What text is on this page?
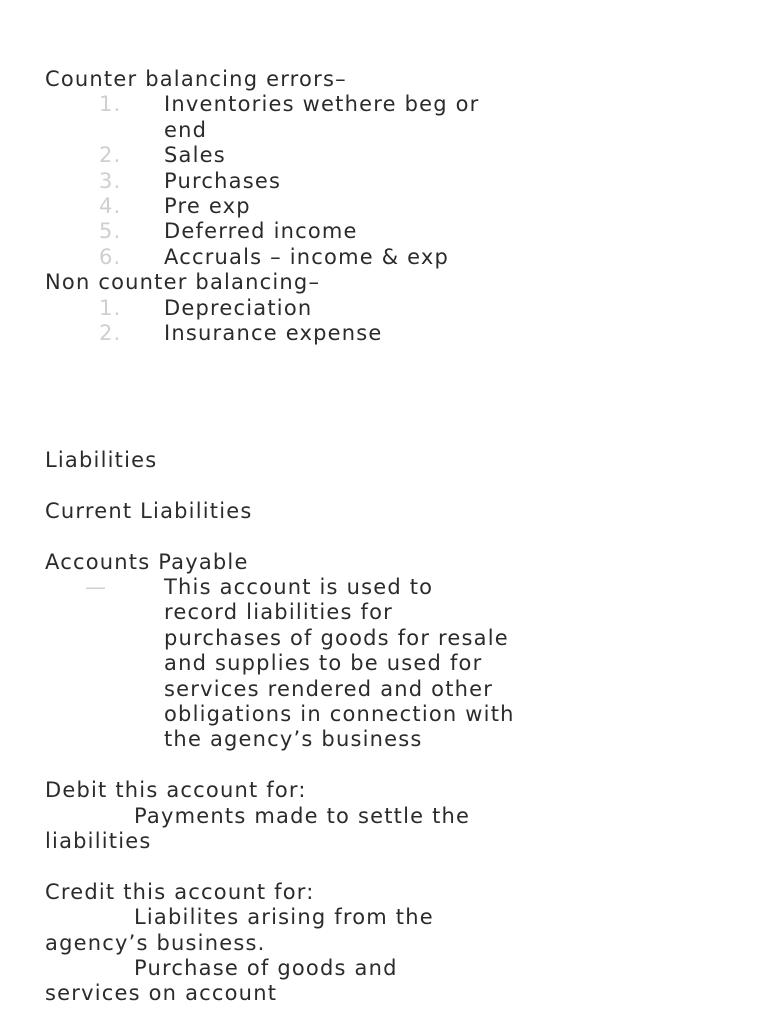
Counter balancing errors–
1.	Inventories wethere beg or
end
2.	Sales
3.	Purchases
4.	Pre exp
5.	Deferred income
6.	Accruals – income & exp
Non counter balancing–
1.	Depreciation
2.	Insurance expense
Liabilities
Current Liabilities
Accounts Payable
—	This account is used to
record liabilities for
purchases of goods for resale
and supplies to be used for
services rendered and other
obligations in connection with
the agency’s business
Debit this account for:
Payments made to settle the
liabilities
Credit this account for:
Liabilites arising from the
agency’s business.
Purchase of goods and
services on account
